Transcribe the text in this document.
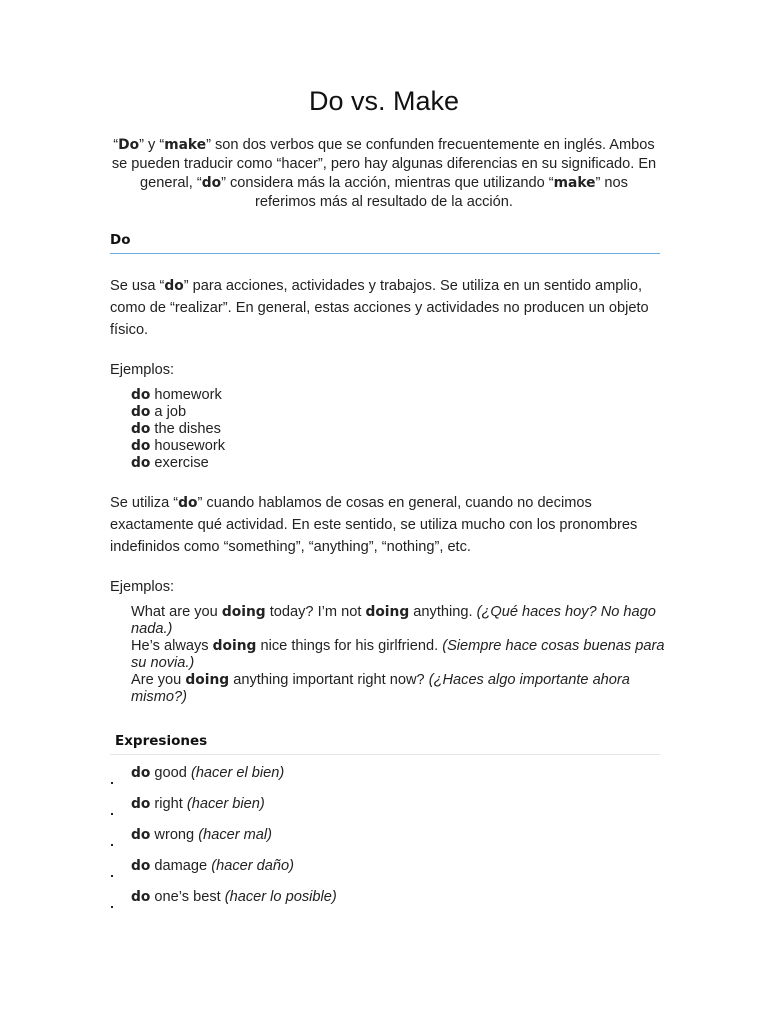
Do vs. Make
“Do” y “make” son dos verbos que se confunden frecuentemente en inglés. Ambos se pueden traducir como “hacer”, pero hay algunas diferencias en su significado. En general, “do” considera más la acción, mientras que utilizando “make” nos referimos más al resultado de la acción.
Do
Se usa “do” para acciones, actividades y trabajos. Se utiliza en un sentido amplio, como de “realizar”. En general, estas acciones y actividades no producen un objeto físico.
Ejemplos:
do homework
do a job
do the dishes
do housework
do exercise
Se utiliza “do” cuando hablamos de cosas en general, cuando no decimos exactamente qué actividad. En este sentido, se utiliza mucho con los pronombres indefinidos como “something”, “anything”, “nothing”, etc.
Ejemplos:
What are you doing today? I’m not doing anything. (¿Qué haces hoy? No hago nada.)
He’s always doing nice things for his girlfriend. (Siempre hace cosas buenas para su novia.)
Are you doing anything important right now? (¿Haces algo importante ahora mismo?)
Expresiones
do good (hacer el bien)
do right (hacer bien)
do wrong (hacer mal)
do damage (hacer daño)
do one’s best (hacer lo posible)
